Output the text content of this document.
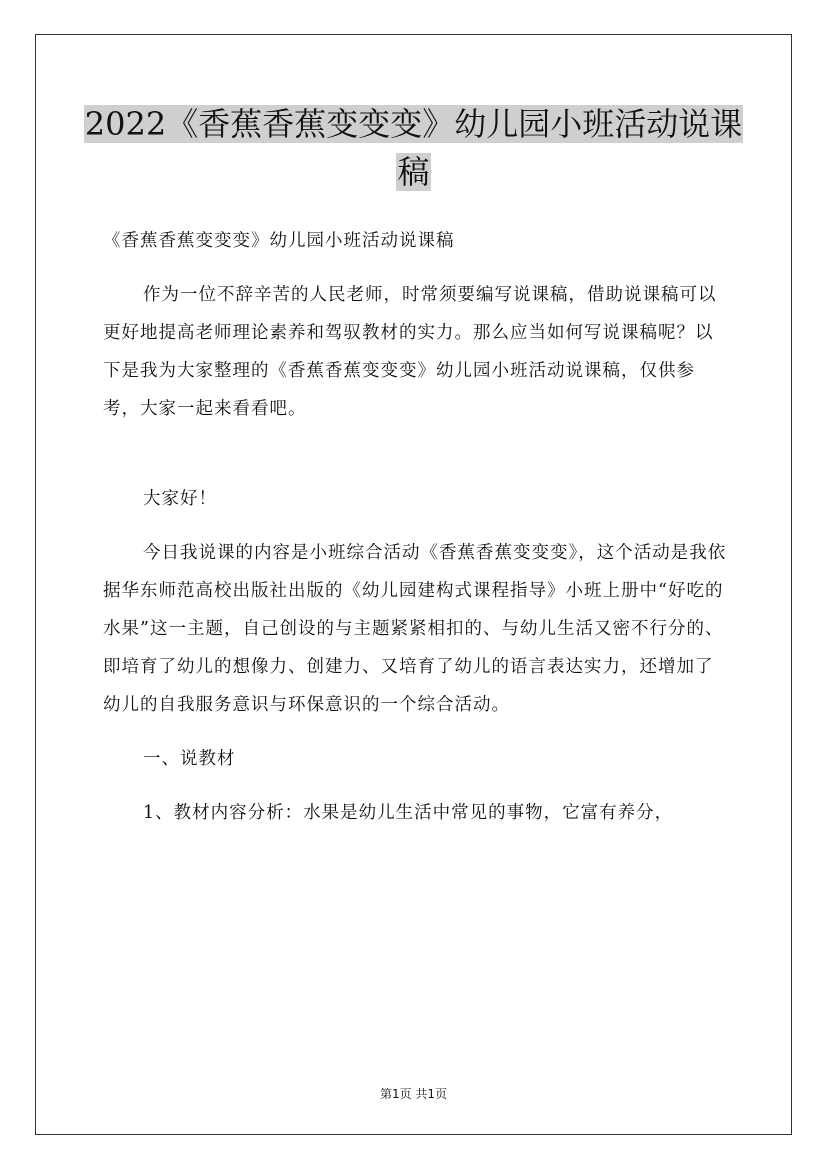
2022《香蕉香蕉变变变》幼儿园小班活动说课
稿

《香蕉香蕉变变变》幼儿园小班活动说课稿

作为一位不辞辛苦的人民老师，时常须要编写说课稿，借助说课稿可以更好地提高老师理论素养和驾驭教材的实力。那么应当如何写说课稿呢？以下是我为大家整理的《香蕉香蕉变变变》幼儿园小班活动说课稿，仅供参考，大家一起来看看吧。

大家好！

今日我说课的内容是小班综合活动《香蕉香蕉变变变》，这个活动是我依据华东师范高校出版社出版的《幼儿园建构式课程指导》小班上册中“好吃的水果”这一主题，自己创设的与主题紧紧相扣的、与幼儿生活又密不行分的、即培育了幼儿的想像力、创建力、又培育了幼儿的语言表达实力，还增加了幼儿的自我服务意识与环保意识的一个综合活动。

一、说教材

1、教材内容分析：水果是幼儿生活中常见的事物，它富有养分，

第1页 共1页
